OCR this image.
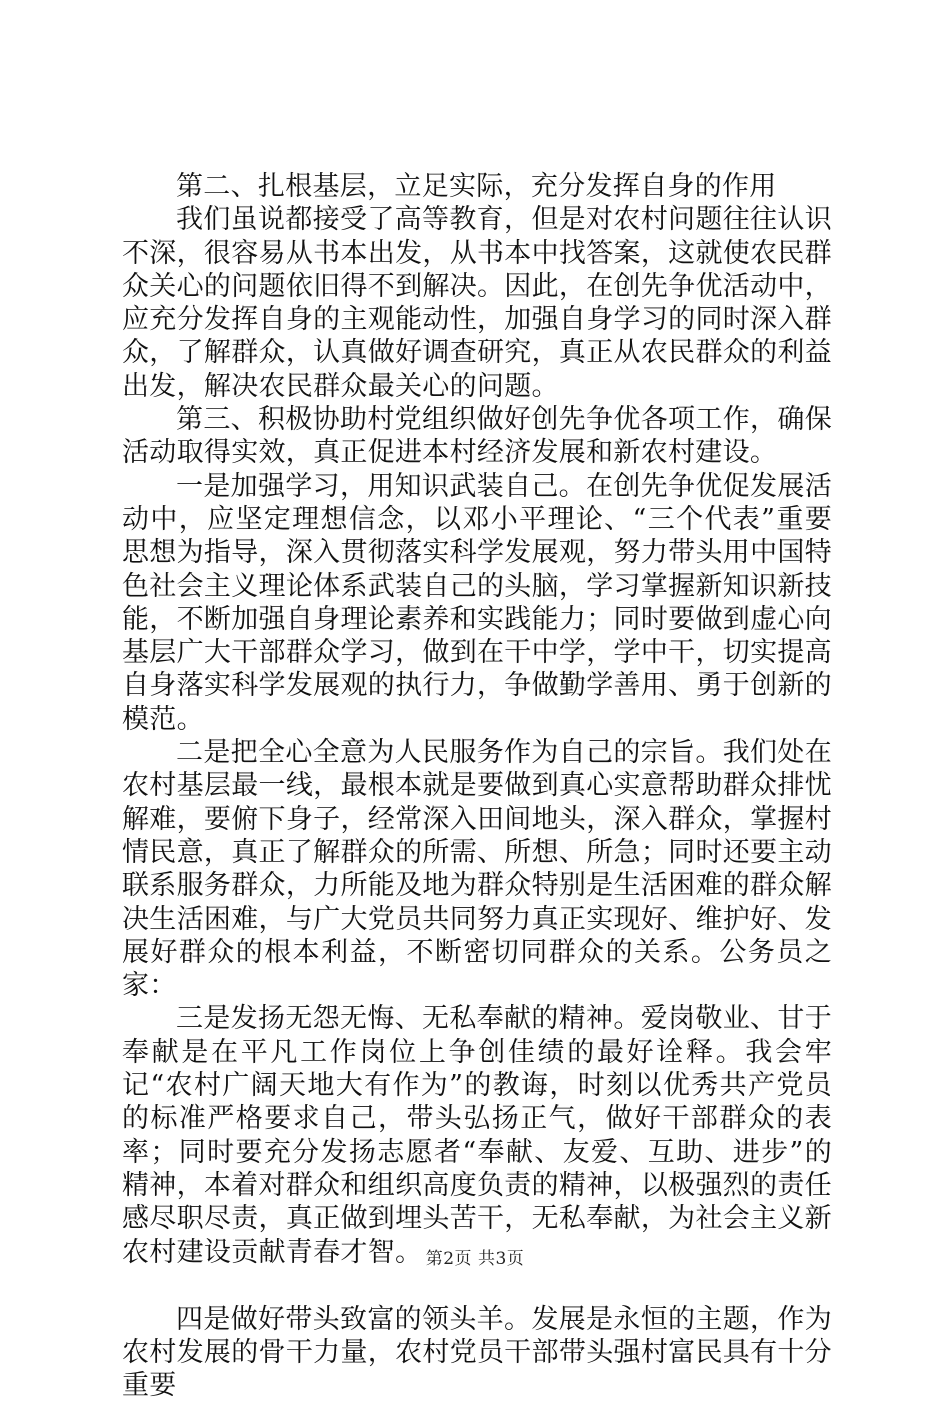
第二、扎根基层，立足实际，充分发挥自身的作用

我们虽说都接受了高等教育，但是对农村问题往往认识不深，很容易从书本出发，从书本中找答案，这就使农民群众关心的问题依旧得不到解决。因此，在创先争优活动中，应充分发挥自身的主观能动性，加强自身学习的同时深入群众，了解群众，认真做好调查研究，真正从农民群众的利益出发，解决农民群众最关心的问题。

第三、积极协助村党组织做好创先争优各项工作，确保活动取得实效，真正促进本村经济发展和新农村建设。

一是加强学习，用知识武装自己。在创先争优促发展活动中，应坚定理想信念，以邓小平理论、“三个代表”重要思想为指导，深入贯彻落实科学发展观，努力带头用中国特色社会主义理论体系武装自己的头脑，学习掌握新知识新技能，不断加强自身理论素养和实践能力；同时要做到虚心向基层广大干部群众学习，做到在干中学，学中干，切实提高自身落实科学发展观的执行力，争做勤学善用、勇于创新的模范。

二是把全心全意为人民服务作为自己的宗旨。我们处在农村基层最一线，最根本就是要做到真心实意帮助群众排忧解难，要俯下身子，经常深入田间地头，深入群众，掌握村情民意，真正了解群众的所需、所想、所急；同时还要主动联系服务群众，力所能及地为群众特别是生活困难的群众解决生活困难，与广大党员共同努力真正实现好、维护好、发展好群众的根本利益，不断密切同群众的关系。公务员之家：

三是发扬无怨无悔、无私奉献的精神。爱岗敬业、甘于奉献是在平凡工作岗位上争创佳绩的最好诠释。我会牢记“农村广阔天地大有作为”的教诲，时刻以优秀共产党员的标准严格要求自己，带头弘扬正气，做好干部群众的表率；同时要充分发扬志愿者“奉献、友爱、互助、进步”的精神，本着对群众和组织高度负责的精神，以极强烈的责任感尽职尽责，真正做到埋头苦干，无私奉献，为社会主义新农村建设贡献青春才智。

四是做好带头致富的领头羊。发展是永恒的主题，作为农村发展的骨干力量，农村党员干部带头强村富民具有十分重要

第2页 共3页
